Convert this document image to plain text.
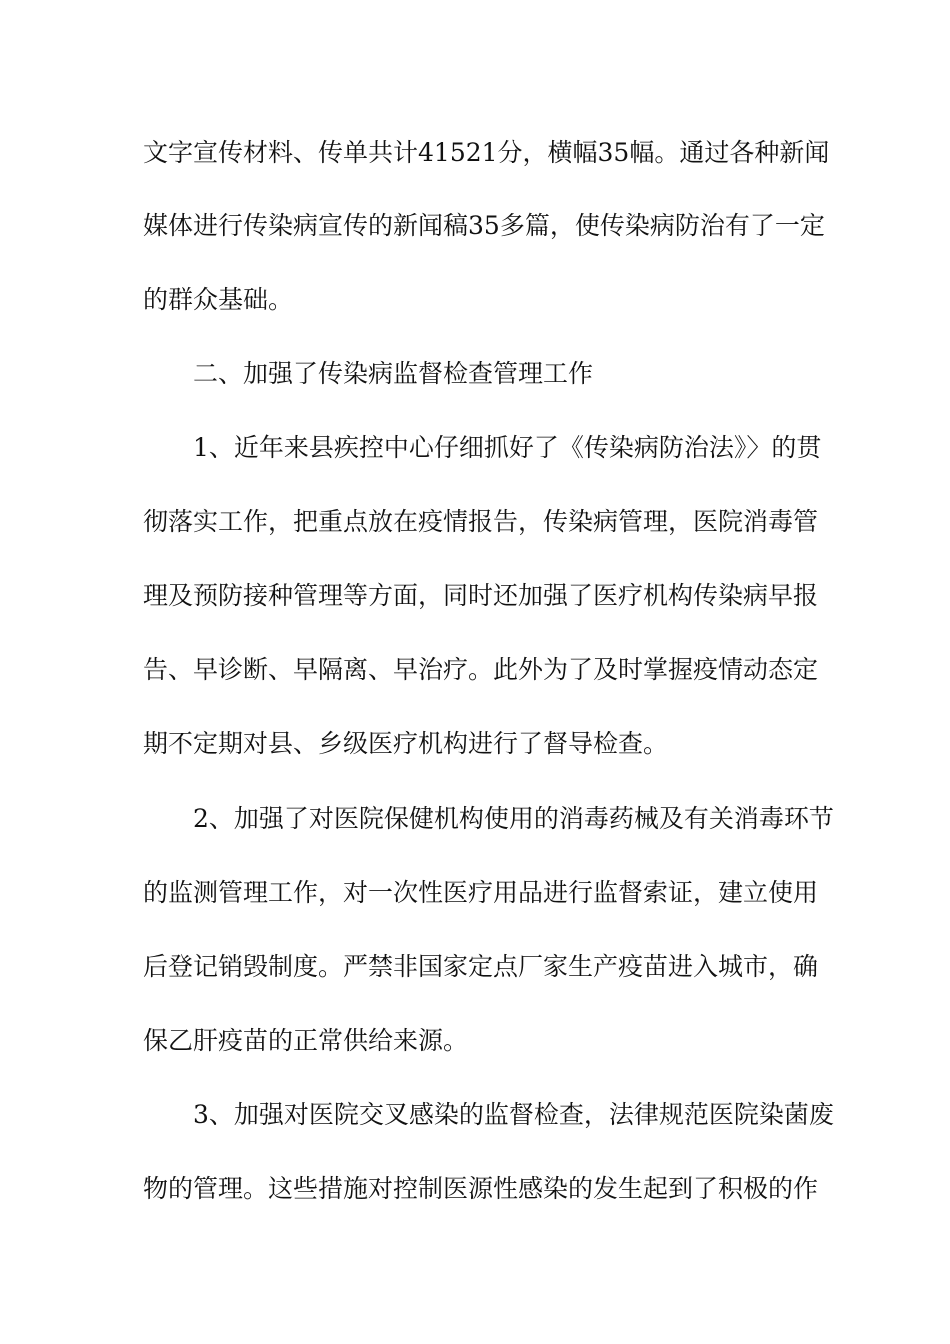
文字宣传材料、传单共计41521分，横幅35幅。通过各种新闻
媒体进行传染病宣传的新闻稿35多篇，使传染病防治有了一定
的群众基础。
二、加强了传染病监督检查管理工作
1、近年来县疾控中心仔细抓好了《传染病防治法》〉的贯
彻落实工作，把重点放在疫情报告，传染病管理，医院消毒管
理及预防接种管理等方面，同时还加强了医疗机构传染病早报
告、早诊断、早隔离、早治疗。此外为了及时掌握疫情动态定
期不定期对县、乡级医疗机构进行了督导检查。
2、加强了对医院保健机构使用的消毒药械及有关消毒环节
的监测管理工作，对一次性医疗用品进行监督索证，建立使用
后登记销毁制度。严禁非国家定点厂家生产疫苗进入城市，确
保乙肝疫苗的正常供给来源。
3、加强对医院交叉感染的监督检查，法律规范医院染菌废
物的管理。这些措施对控制医源性感染的发生起到了积极的作
